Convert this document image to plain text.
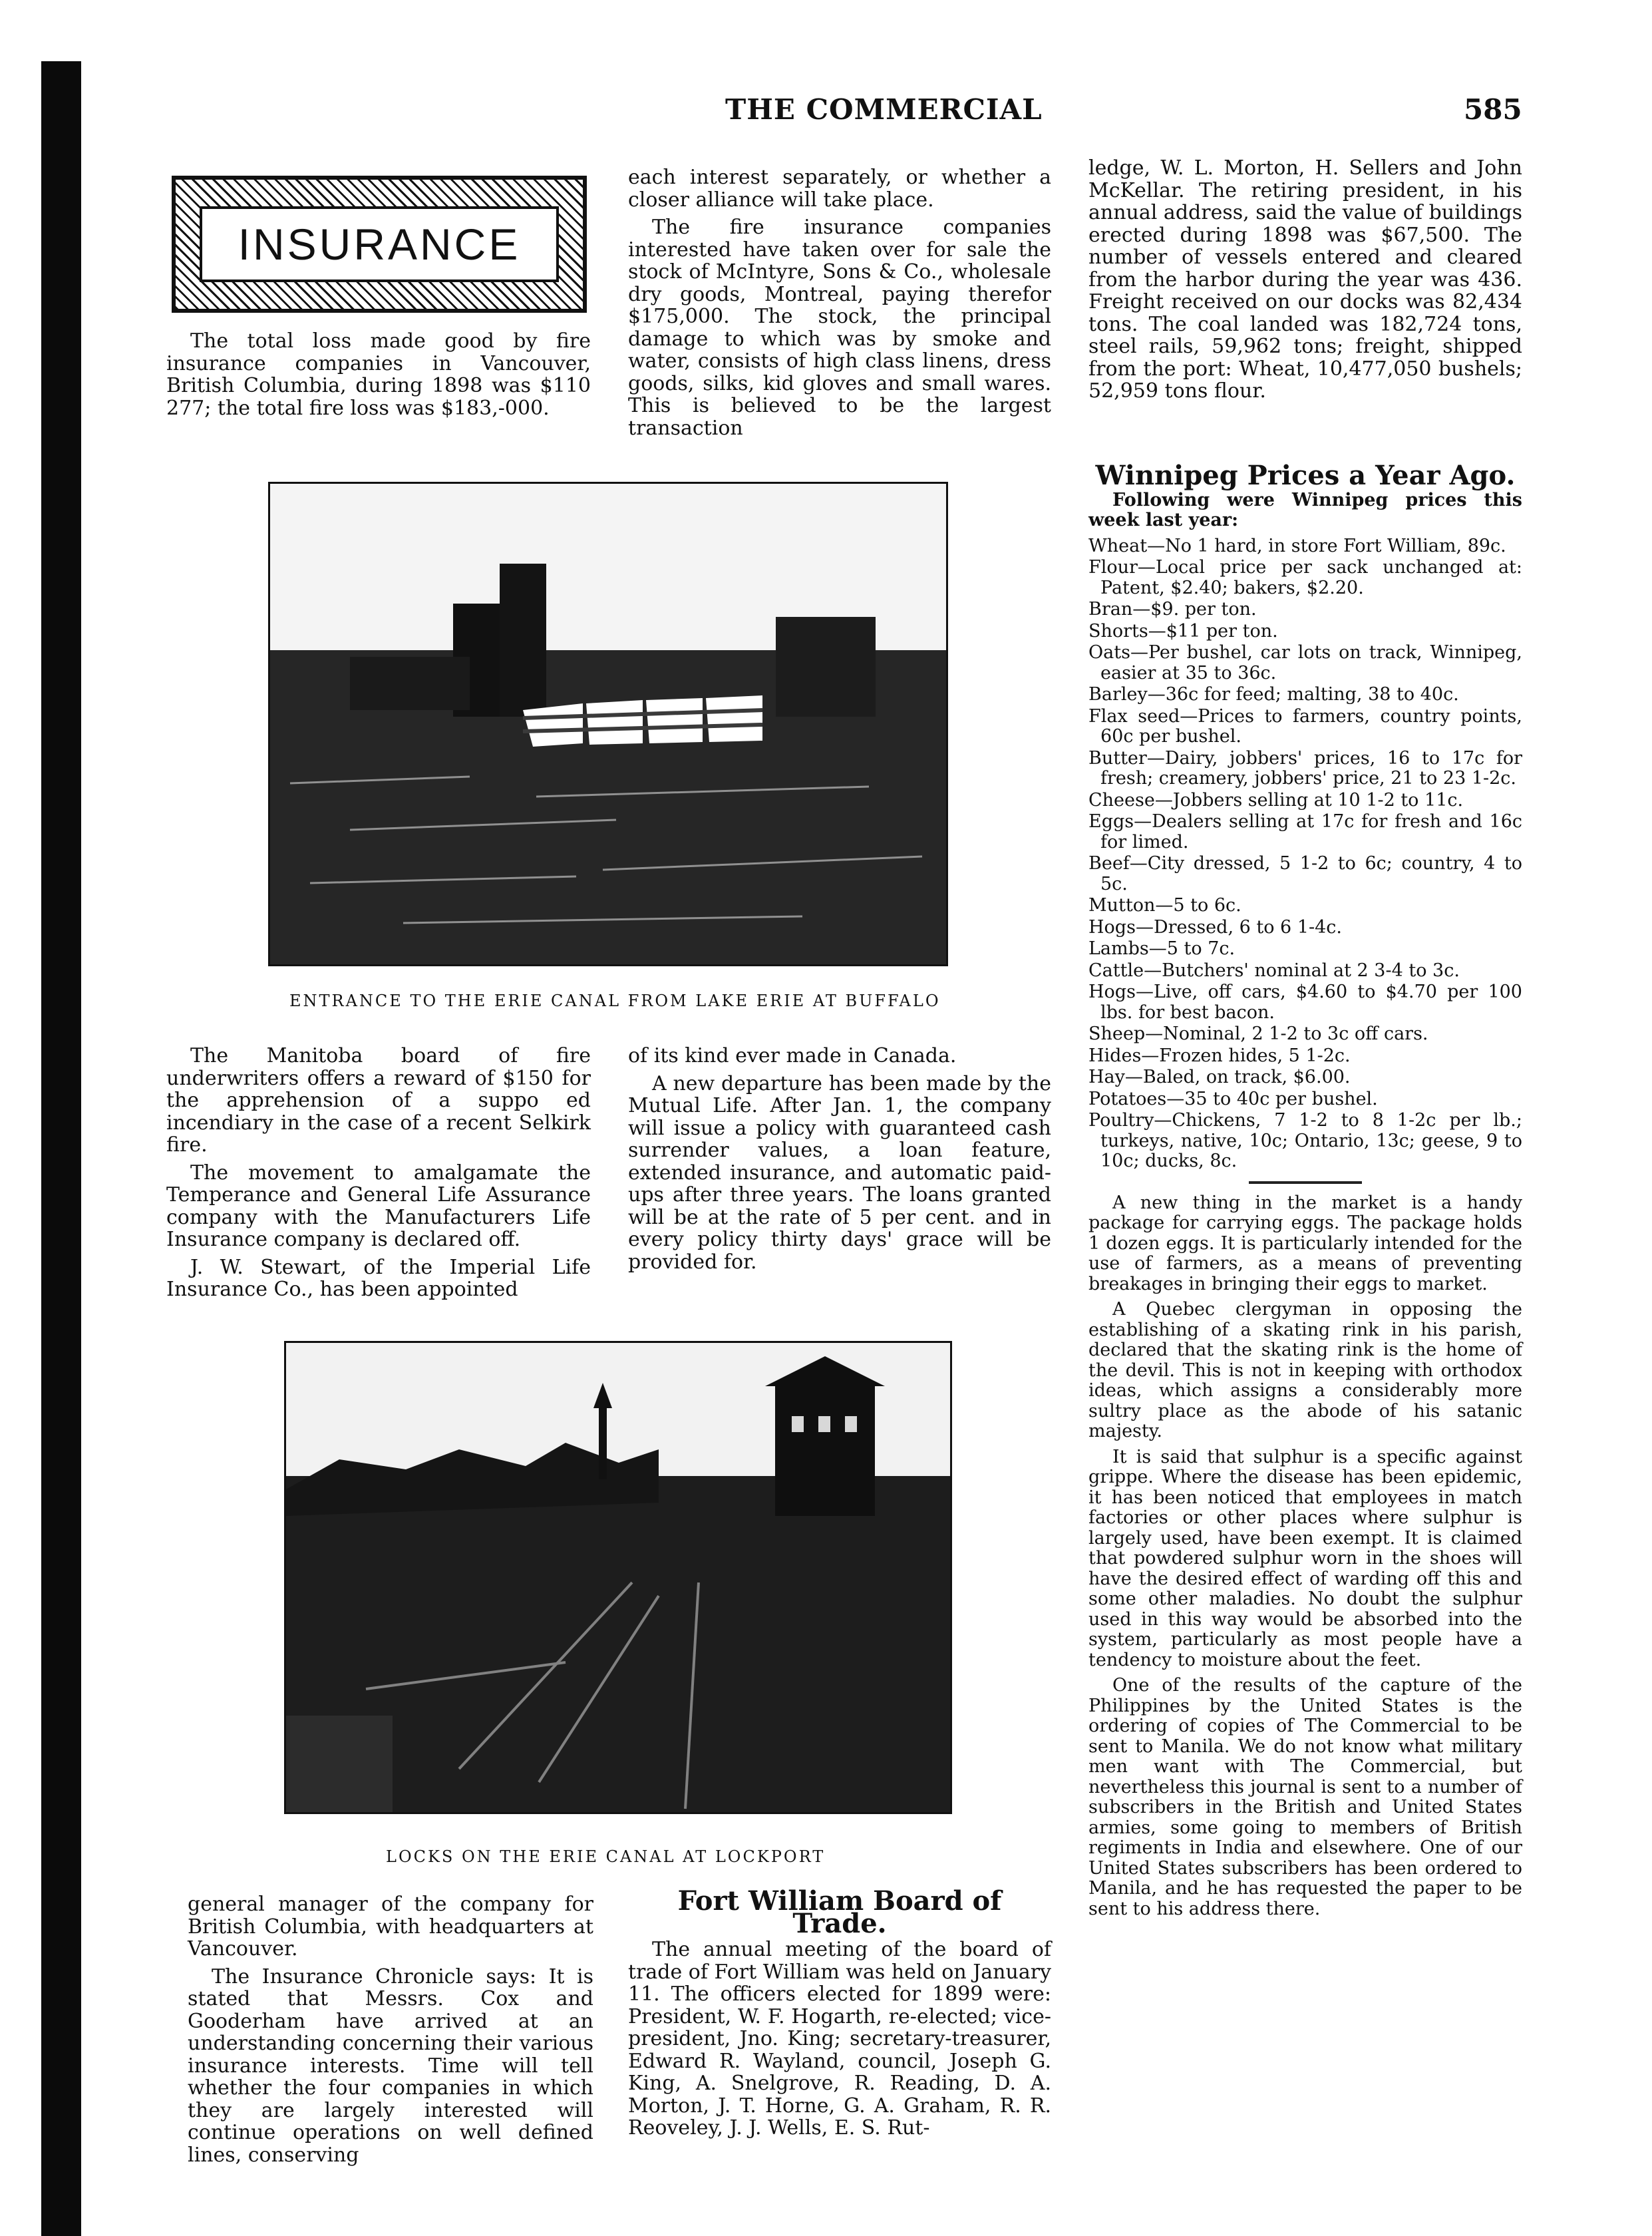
THE COMMERCIAL	585
INSURANCE

The total loss made good by fire insurance companies in Vancouver, British Columbia, during 1898 was $110 277; the total fire loss was $183,-000.

each interest separately, or whether a closer alliance will take place.

The fire insurance companies interested have taken over for sale the stock of McIntyre, Sons & Co., wholesale dry goods, Montreal, paying therefor $175,000. The stock, the principal damage to which was by smoke and water, consists of high class linens, dress goods, silks, kid gloves and small wares. This is believed to be the largest transaction

ledge, W. L. Morton, H. Sellers and John McKellar. The retiring president, in his annual address, said the value of buildings erected during 1898 was $67,500. The number of vessels entered and cleared from the harbor during the year was 436. Freight received on our docks was 82,434 tons. The coal landed was 182,724 tons, steel rails, 59,962 tons; freight, shipped from the port: Wheat, 10,477,050 bushels; 52,959 tons flour.

ENTRANCE TO THE ERIE CANAL FROM LAKE ERIE AT BUFFALO

The Manitoba board of fire underwriters offers a reward of $150 for the apprehension of a suppo ed incendiary in the case of a recent Selkirk fire.

The movement to amalgamate the Temperance and General Life Assurance company with the Manufacturers Life Insurance company is declared off.

J. W. Stewart, of the Imperial Life Insurance Co., has been appointed

of its kind ever made in Canada.

A new departure has been made by the Mutual Life. After Jan. 1, the company will issue a policy with guaranteed cash surrender values, a loan feature, extended insurance, and automatic paid-ups after three years. The loans granted will be at the rate of 5 per cent. and in every policy thirty days' grace will be provided for.

Winnipeg Prices a Year Ago.

Following were Winnipeg prices this week last year:

Wheat—No 1 hard, in store Fort William, 89c.

Flour—Local price per sack unchanged at: Patent, $2.40; bakers, $2.20.

Bran—$9. per ton.

Shorts—$11 per ton.

Oats—Per bushel, car lots on track, Winnipeg, easier at 35 to 36c.

Barley—36c for feed; malting, 38 to 40c.

Flax seed—Prices to farmers, country points, 60c per bushel.

Butter—Dairy, jobbers' prices, 16 to 17c for fresh; creamery, jobbers' price, 21 to 23 1-2c.

Cheese—Jobbers selling at 10 1-2 to 11c.

Eggs—Dealers selling at 17c for fresh and 16c for limed.

Beef—City dressed, 5 1-2 to 6c; country, 4 to 5c.

Mutton—5 to 6c.

Hogs—Dressed, 6 to 6 1-4c.

Lambs—5 to 7c.

Cattle—Butchers' nominal at 2 3-4 to 3c.

Hogs—Live, off cars, $4.60 to $4.70 per 100 lbs. for best bacon.

Sheep—Nominal, 2 1-2 to 3c off cars.

Hides—Frozen hides, 5 1-2c.

Hay—Baled, on track, $6.00.

Potatoes—35 to 40c per bushel.

Poultry—Chickens, 7 1-2 to 8 1-2c per lb.; turkeys, native, 10c; Ontario, 13c; geese, 9 to 10c; ducks, 8c.

A new thing in the market is a handy package for carrying eggs. The package holds 1 dozen eggs. It is particularly intended for the use of farmers, as a means of preventing breakages in bringing their eggs to market.

A Quebec clergyman in opposing the establishing of a skating rink in his parish, declared that the skating rink is the home of the devil. This is not in keeping with orthodox ideas, which assigns a considerably more sultry place as the abode of his satanic majesty.

It is said that sulphur is a specific against grippe. Where the disease has been epidemic, it has been noticed that employees in match factories or other places where sulphur is largely used, have been exempt. It is claimed that powdered sulphur worn in the shoes will have the desired effect of warding off this and some other maladies. No doubt the sulphur used in this way would be absorbed into the system, particularly as most people have a tendency to moisture about the feet.

One of the results of the capture of the Philippines by the United States is the ordering of copies of The Commercial to be sent to Manila. We do not know what military men want with The Commercial, but nevertheless this journal is sent to a number of subscribers in the British and United States armies, some going to members of British regiments in India and elsewhere. One of our United States subscribers has been ordered to Manila, and he has requested the paper to be sent to his address there.

LOCKS ON THE ERIE CANAL AT LOCKPORT

general manager of the company for British Columbia, with headquarters at Vancouver.

The Insurance Chronicle says: It is stated that Messrs. Cox and Gooderham have arrived at an understanding concerning their various insurance interests. Time will tell whether the four companies in which they are largely interested will continue operations on well defined lines, conserving

Fort William Board of Trade.

The annual meeting of the board of trade of Fort William was held on January 11. The officers elected for 1899 were: President, W. F. Hogarth, re-elected; vice-president, Jno. King; secretary-treasurer, Edward R. Wayland, council, Joseph G. King, A. Snelgrove, R. Reading, D. A. Morton, J. T. Horne, G. A. Graham, R. R. Reoveley, J. J. Wells, E. S. Rut-
